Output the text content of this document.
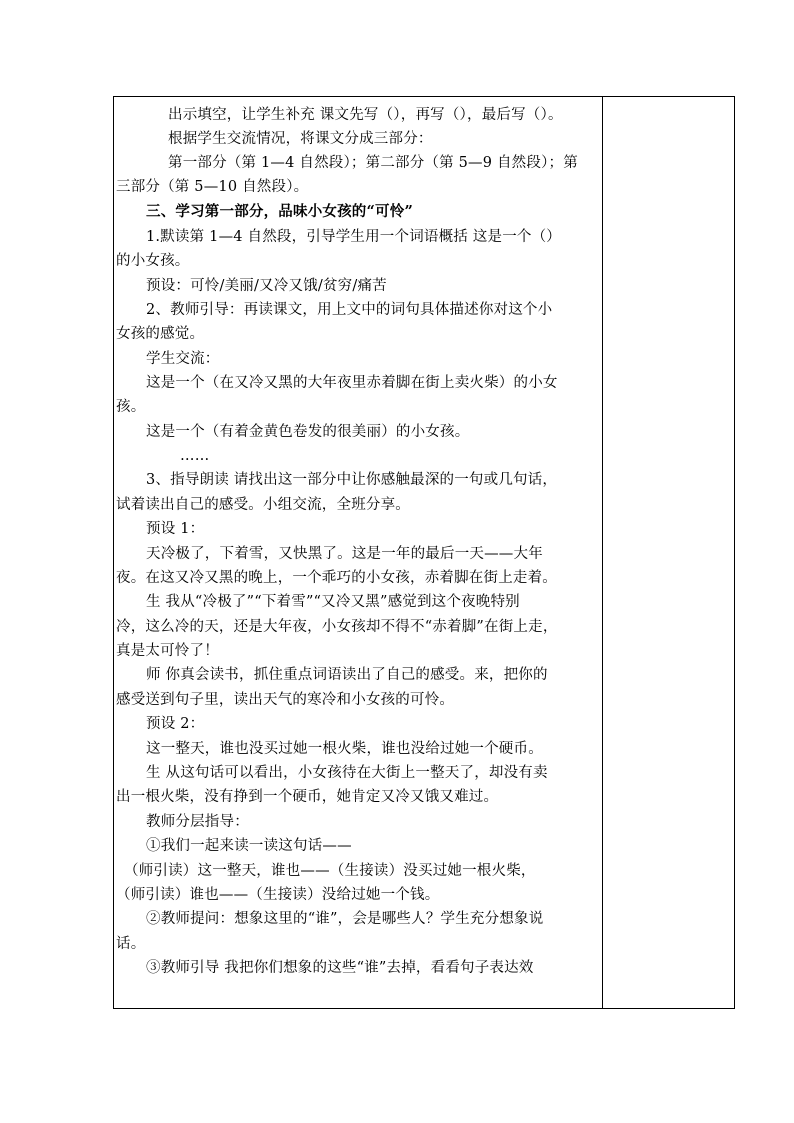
出示填空，让学生补充 课文先写（），再写（），最后写（）。
根据学生交流情况，将课文分成三部分：
第一部分（第 1—4 自然段）；第二部分（第 5—9 自然段）；第
三部分（第 5—10 自然段）。
三、学习第一部分，品味小女孩的“可怜”
1.默读第 1—4 自然段，引导学生用一个词语概括 这是一个（）
的小女孩。
预设：可怜/美丽/又冷又饿/贫穷/痛苦
2、教师引导：再读课文，用上文中的词句具体描述你对这个小
女孩的感觉。
学生交流：
这是一个（在又冷又黑的大年夜里赤着脚在街上卖火柴）的小女
孩。
这是一个（有着金黄色卷发的很美丽）的小女孩。
……
3、指导朗读 请找出这一部分中让你感触最深的一句或几句话，
试着读出自己的感受。小组交流，全班分享。
预设 1：
天冷极了，下着雪，又快黑了。这是一年的最后一天——大年
夜。在这又冷又黑的晚上，一个乖巧的小女孩，赤着脚在街上走着。
生 我从“冷极了”“下着雪”“又冷又黑”感觉到这个夜晚特别
冷，这么冷的天，还是大年夜，小女孩却不得不“赤着脚”在街上走，
真是太可怜了！
师 你真会读书，抓住重点词语读出了自己的感受。来，把你的
感受送到句子里，读出天气的寒冷和小女孩的可怜。
预设 2：
这一整天，谁也没买过她一根火柴，谁也没给过她一个硬币。
生 从这句话可以看出，小女孩待在大街上一整天了，却没有卖
出一根火柴，没有挣到一个硬币，她肯定又冷又饿又难过。
教师分层指导：
①我们一起来读一读这句话——
（师引读）这一整天，谁也——（生接读）没买过她一根火柴，
（师引读）谁也——（生接读）没给过她一个钱。
②教师提问：想象这里的“谁”，会是哪些人？学生充分想象说
话。
③教师引导 我把你们想象的这些“谁”去掉，看看句子表达效
